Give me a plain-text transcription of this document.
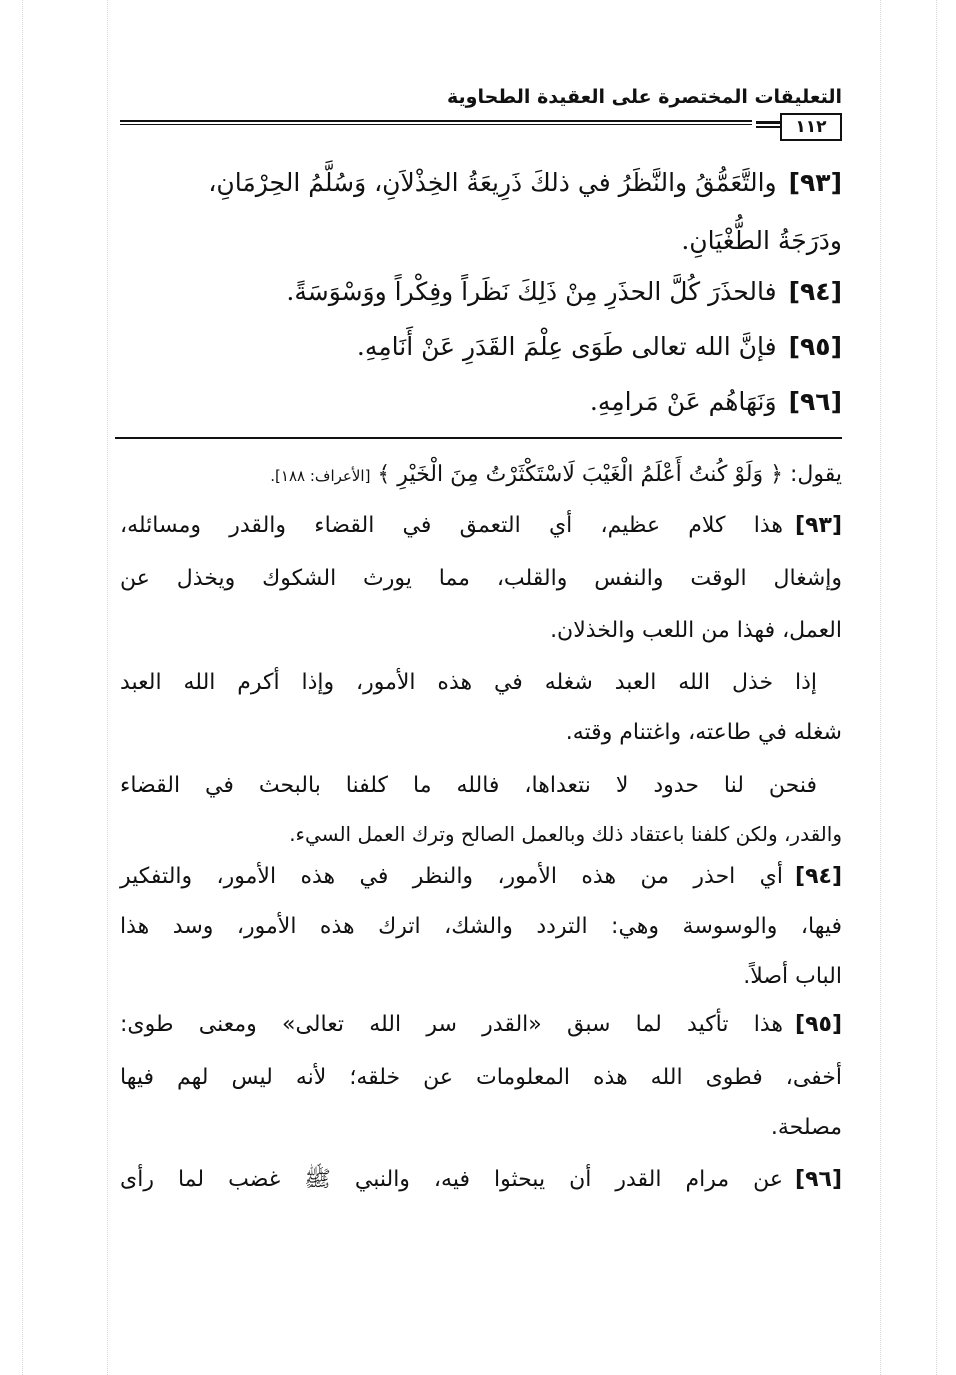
التعليقات المختصرة على العقيدة الطحاوية
١١٢
[٩٣]والتَّعَمُّقُ والنَّظَرُ في ذلكَ ذَرِيعَةُ الخِذْلاَنِ، وَسُلَّمُ الحِرْمَانِ،
ودَرَجَةُ الطُّغْيَانِ.
[٩٤]فالحذَرَ كُلَّ الحذَرِ مِنْ ذَلِكَ نَظَراً وفِكْراً ووَسْوَسَةً.
[٩٥]فإنَّ الله تعالى طَوَى عِلْمَ القَدَرِ عَنْ أَنَامِهِ.
[٩٦]وَنَهَاهُم عَنْ مَرامِهِ.
يقول: ﴿ وَلَوْ كُنتُ أَعْلَمُ الْغَيْبَ لَاسْتَكْثَرْتُ مِنَ الْخَيْرِ ﴾ [الأعراف: ١٨٨].
[٩٣]هذا كلام عظيم، أي التعمق في القضاء والقدر ومسائله،
وإشغال الوقت والنفس والقلب، مما يورث الشكوك ويخذل عن
العمل، فهذا من اللعب والخذلان.
إذا خذل الله العبد شغله في هذه الأمور، وإذا أكرم الله العبد
شغله في طاعته، واغتنام وقته.
فنحن لنا حدود لا نتعداها، فالله ما كلفنا بالبحث في القضاء
والقدر، ولكن كلفنا باعتقاد ذلك وبالعمل الصالح وترك العمل السيء.
[٩٤]أي احذر من هذه الأمور، والنظر في هذه الأمور، والتفكير
فيها، والوسوسة وهي: التردد والشك، اترك هذه الأمور، وسد هذا
الباب أصلاً.
[٩٥]هذا تأكيد لما سبق «القدر سر الله تعالى» ومعنى طوى:
أخفى، فطوى الله هذه المعلومات عن خلقه؛ لأنه ليس لهم فيها
مصلحة.
[٩٦]عن مرام القدر أن يبحثوا فيه، والنبي ﷺ غضب لما رأى
